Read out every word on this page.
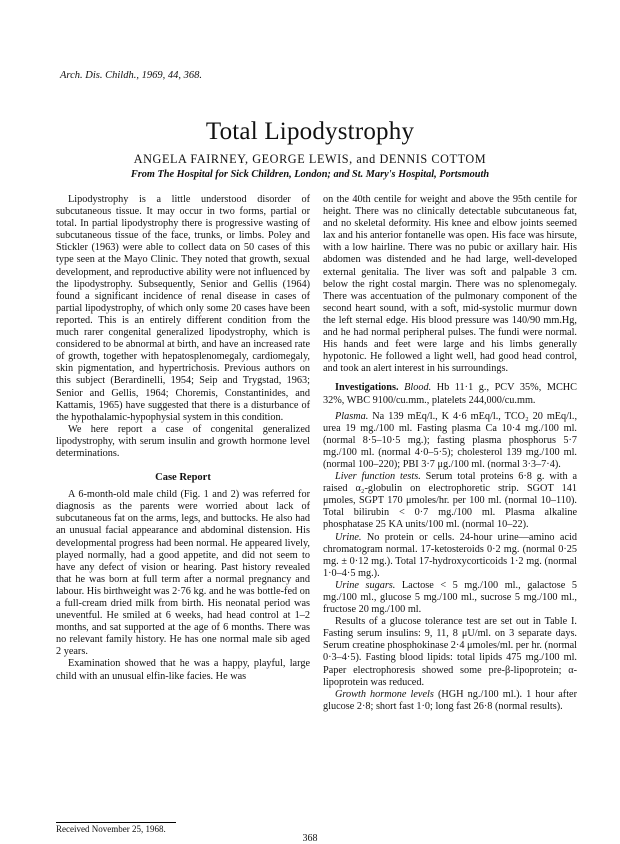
Arch. Dis. Childh., 1969, 44, 368.
Total Lipodystrophy
ANGELA FAIRNEY, GEORGE LEWIS, and DENNIS COTTOM
From The Hospital for Sick Children, London; and St. Mary's Hospital, Portsmouth

Lipodystrophy is a little understood disorder of subcutaneous tissue. It may occur in two forms, partial or total. In partial lipodystrophy there is progressive wasting of subcutaneous tissue of the face, trunks, or limbs. Poley and Stickler (1963) were able to collect data on 50 cases of this type seen at the Mayo Clinic. They noted that growth, sexual development, and reproductive ability were not influenced by the lipodystrophy. Subsequently, Senior and Gellis (1964) found a significant incidence of renal disease in cases of partial lipodystrophy, of which only some 20 cases have been reported. This is an entirely different condition from the much rarer congenital generalized lipodystrophy, which is considered to be abnormal at birth, and have an increased rate of growth, together with hepatosplenomegaly, cardiomegaly, skin pigmentation, and hypertrichosis. Previous authors on this subject (Berardinelli, 1954; Seip and Trygstad, 1963; Senior and Gellis, 1964; Choremis, Constantinides, and Kattamis, 1965) have suggested that there is a disturbance of the hypothalamic-hypophysial system in this condition.

We here report a case of congenital generalized lipodystrophy, with serum insulin and growth hormone level determinations.

Case Report

A 6-month-old male child (Fig. 1 and 2) was referred for diagnosis as the parents were worried about lack of subcutaneous fat on the arms, legs, and buttocks. He also had an unusual facial appearance and abdominal distension. His developmental progress had been normal. He appeared lively, played normally, had a good appetite, and did not seem to have any defect of vision or hearing. Past history revealed that he was born at full term after a normal pregnancy and labour. His birthweight was 2·76 kg. and he was bottle-fed on a full-cream dried milk from birth. His neonatal period was uneventful. He smiled at 6 weeks, had head control at 1–2 months, and sat supported at the age of 6 months. There was no relevant family history. He has one normal male sib aged 2 years.

Examination showed that he was a happy, playful, large child with an unusual elfin-like facies. He was

on the 40th centile for weight and above the 95th centile for height. There was no clinically detectable subcutaneous fat, and no skeletal deformity. His knee and elbow joints seemed lax and his anterior fontanelle was open. His face was hirsute, with a low hairline. There was no pubic or axillary hair. His abdomen was distended and he had large, well-developed external genitalia. The liver was soft and palpable 3 cm. below the right costal margin. There was no splenomegaly. There was accentuation of the pulmonary component of the second heart sound, with a soft, mid-systolic murmur down the left sternal edge. His blood pressure was 140/90 mm.Hg, and he had normal peripheral pulses. The fundi were normal. His hands and feet were large and his limbs generally hypotonic. He followed a light well, had good head control, and took an alert interest in his surroundings.

Investigations. Blood. Hb 11·1 g., PCV 35%, MCHC 32%, WBC 9100/cu.mm., platelets 244,000/cu.mm.

Plasma. Na 139 mEq/l., K 4·6 mEq/l., TCO₂ 20 mEq/l., urea 19 mg./100 ml. Fasting plasma Ca 10·4 mg./100 ml. (normal 8·5–10·5 mg.); fasting plasma phosphorus 5·7 mg./100 ml. (normal 4·0–5·5); cholesterol 139 mg./100 ml. (normal 100–220); PBI 3·7 μg./100 ml. (normal 3·3–7·4).

Liver function tests. Serum total proteins 6·8 g. with a raised α₂-globulin on electrophoretic strip. SGOT 141 μmoles, SGPT 170 μmoles/hr. per 100 ml. (normal 10–110). Total bilirubin < 0·7 mg./100 ml. Plasma alkaline phosphatase 25 KA units/100 ml. (normal 10–22).

Urine. No protein or cells. 24-hour urine—amino acid chromatogram normal. 17-ketosteroids 0·2 mg. (normal 0·25 mg. ± 0·12 mg.). Total 17-hydroxycorticoids 1·2 mg. (normal 1·0–4·5 mg.).

Urine sugars. Lactose < 5 mg./100 ml., galactose 5 mg./100 ml., glucose 5 mg./100 ml., sucrose 5 mg./100 ml., fructose 20 mg./100 ml.

Results of a glucose tolerance test are set out in Table I. Fasting serum insulins: 9, 11, 8 μU/ml. on 3 separate days. Serum creatine phosphokinase 2·4 μmoles/ml. per hr. (normal 0·3–4·5). Fasting blood lipids: total lipids 475 mg./100 ml. Paper electrophoresis showed some pre-β-lipoprotein; α-lipoprotein was reduced.

Growth hormone levels (HGH ng./100 ml.). 1 hour after glucose 2·8; short fast 1·0; long fast 26·8 (normal results).

Received November 25, 1968.
368
